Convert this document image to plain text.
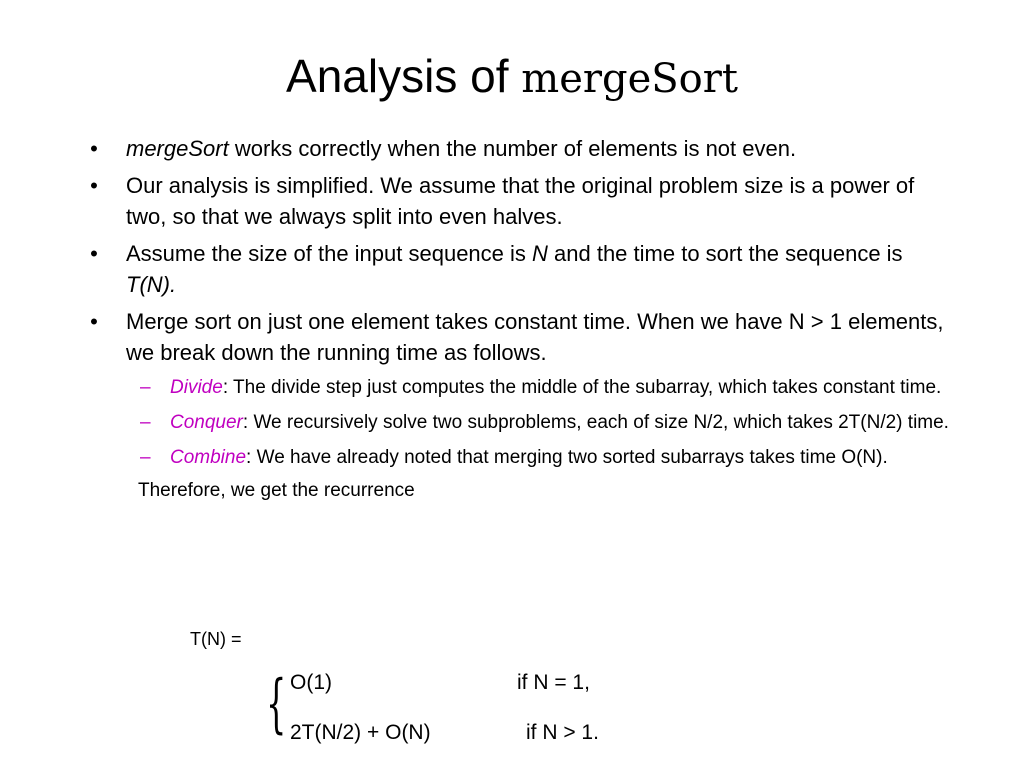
Analysis of mergeSort
• mergeSort works correctly when the number of elements is not even.
• Our analysis is simplified. We assume that the original problem size is a power of two, so that we always split into even halves.
• Assume the size of the input sequence is N and the time to sort the sequence is T(N).
• Merge sort on just one element takes constant time. When we have N > 1 elements, we break down the running time as follows.
– Divide: The divide step just computes the middle of the subarray, which takes constant time.
– Conquer: We recursively solve two subproblems, each of size N/2, which takes 2T(N/2) time.
– Combine: We have already noted that merging two sorted subarrays takes time O(N).
Therefore, we get the recurrence
T(N) =
{ O(1)	if N = 1,
2T(N/2) + O(N)	if N > 1.
